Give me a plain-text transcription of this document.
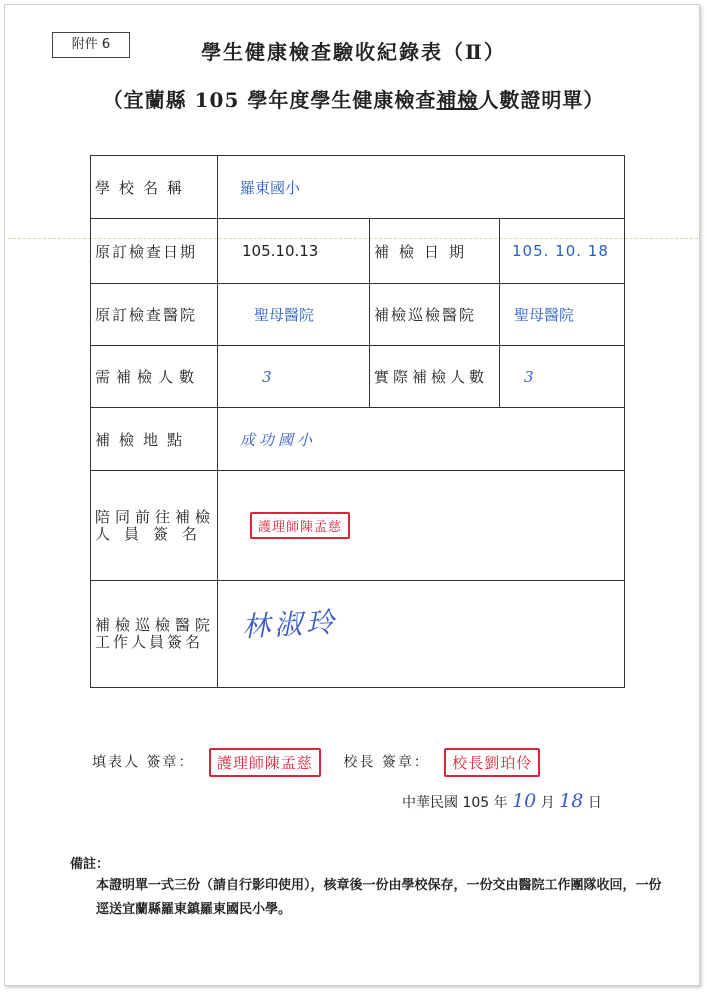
附件 6	學生健康檢查驗收紀錄表（Ⅱ）
（宜蘭縣 105 學年度學生健康檢查補檢人數證明單）
學校名稱	羅東國小		
原訂檢查日期	105.10.13	補檢日期	105. 10. 18
原訂檢查醫院	聖母醫院	補檢巡檢醫院	聖母醫院
需補檢人數	3	實際補檢人數	3
補檢地點	成功國小		

陪同前往補檢
人員簽名	護理師陳孟慈		

補檢巡檢醫院
工作人員簽名	林淑玲		
填表人 簽章： 護理師陳孟慈 校長 簽章： 校長劉珀伶
中華民國 105 年 10 月 18 日
備註：
本證明單一式三份（請自行影印使用），核章後一份由學校保存，一份交由醫院工作團隊收回，一份逕送宜蘭縣羅東鎮羅東國民小學。
